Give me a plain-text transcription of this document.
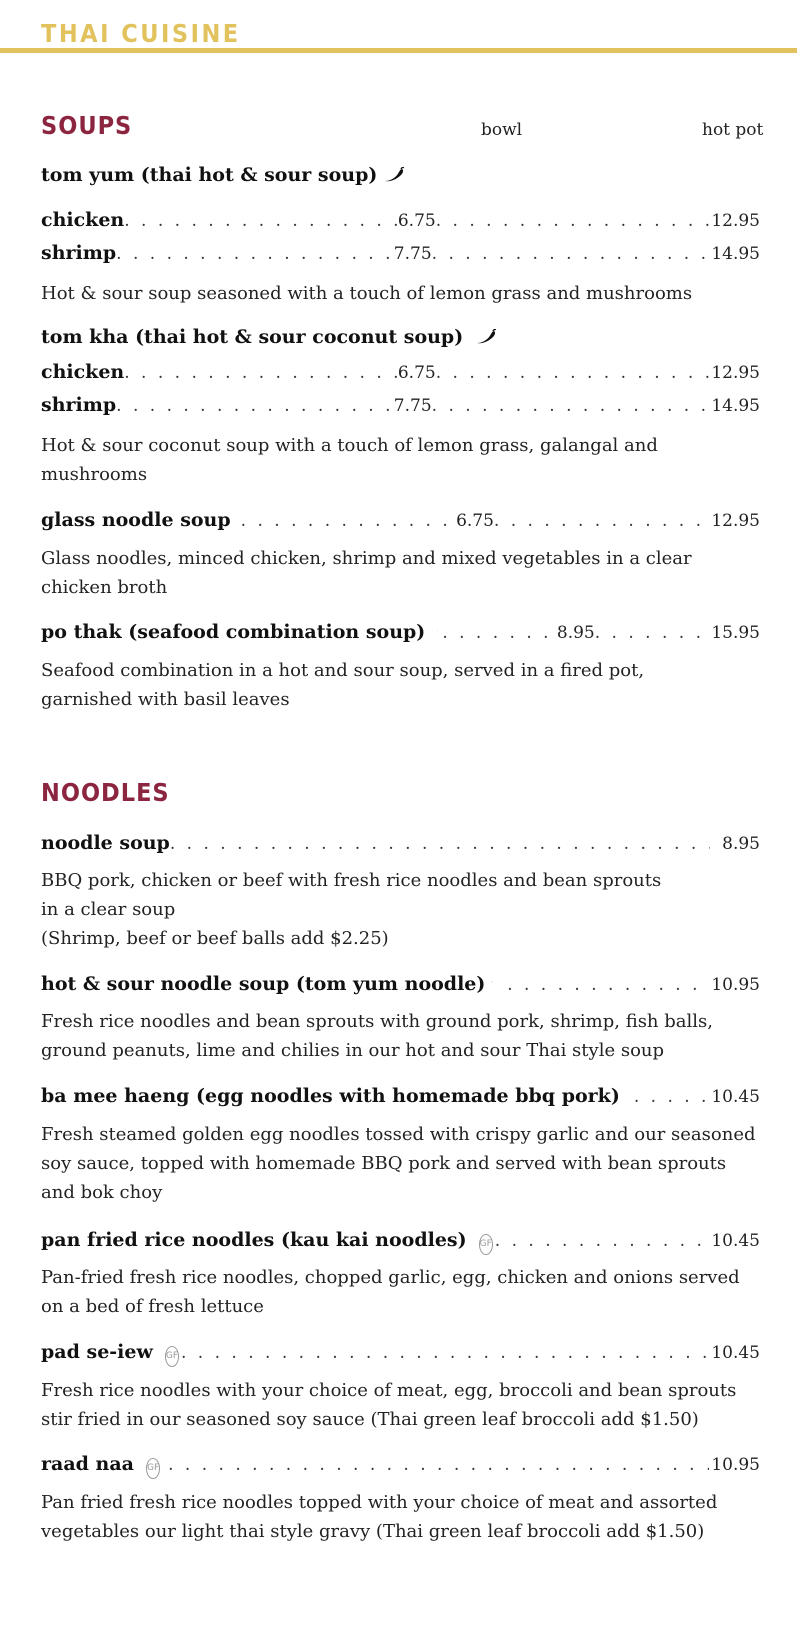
THAI CUISINE
SOUPS	bowl	hot pot
tom yum (thai hot & sour soup)
chicken . . .	6.75 . . .	12.95
shrimp . . .	7.75 . . .	14.95

Hot & sour soup seasoned with a touch of lemon grass and mushrooms

tom kha (thai hot & sour coconut soup)
chicken . . .	6.75 . . .	12.95
shrimp . . .	7.75 . . .	14.95

Hot & sour coconut soup with a touch of lemon grass, galangal and mushrooms

glass noodle soup . . .	6.75 . . .	12.95

Glass noodles, minced chicken, shrimp and mixed vegetables in a clear chicken broth

po thak (seafood combination soup) . . .	8.95 . . .	15.95

Seafood combination in a hot and sour soup, served in a fired pot, garnished with basil leaves

NOODLES
noodle soup . . .	8.95
BBQ pork, chicken or beef with fresh rice noodles and bean sprouts
in a clear soup
(Shrimp, beef or beef balls add $2.25)
hot & sour noodle soup (tom yum noodle) . . .	10.95

Fresh rice noodles and bean sprouts with ground pork, shrimp, fish balls, ground peanuts, lime and chilies in our hot and sour Thai style soup

ba mee haeng (egg noodles with homemade bbq pork) . . .	10.45

Fresh steamed golden egg noodles tossed with crispy garlic and our seasoned soy sauce, topped with homemade BBQ pork and served with bean sprouts and bok choy

pan fried rice noodles (kau kai noodles) GF . . .	10.45

Pan-fried fresh rice noodles, chopped garlic, egg, chicken and onions served on a bed of fresh lettuce

pad se-iew GF . . .	10.45

Fresh rice noodles with your choice of meat, egg, broccoli and bean sprouts stir fried in our seasoned soy sauce (Thai green leaf broccoli add $1.50)

raad naa GF . . .	10.95

Pan fried fresh rice noodles topped with your choice of meat and assorted vegetables our light thai style gravy (Thai green leaf broccoli add $1.50)
